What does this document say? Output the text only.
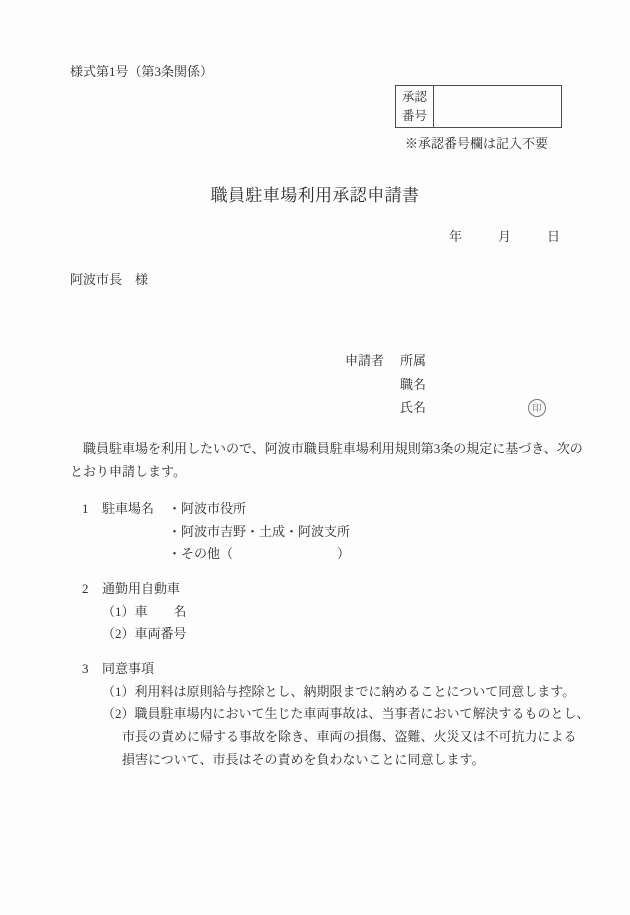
様式第1号（第3条関係）
承認
番号
※承認番号欄は記入不要
職員駐車場利用承認申請書
年	月	日
阿波市長　様
申請者 所属
職名
氏名	印
　職員駐車場を利用したいので、阿波市職員駐車場利用規則第3条の規定に基づき、次の
とおり申請します。
1 駐車場名 ・阿波市役所
・阿波市吉野・土成・阿波支所
・その他（　　　　　　　　）
2 通勤用自動車
（1）車　　名
（2）車両番号
3 同意事項
（1）利用料は原則給与控除とし、納期限までに納めることについて同意します。
（2）職員駐車場内において生じた車両事故は、当事者において解決するものとし、
市長の責めに帰する事故を除き、車両の損傷、盗難、火災又は不可抗力による
損害について、市長はその責めを負わないことに同意します。
